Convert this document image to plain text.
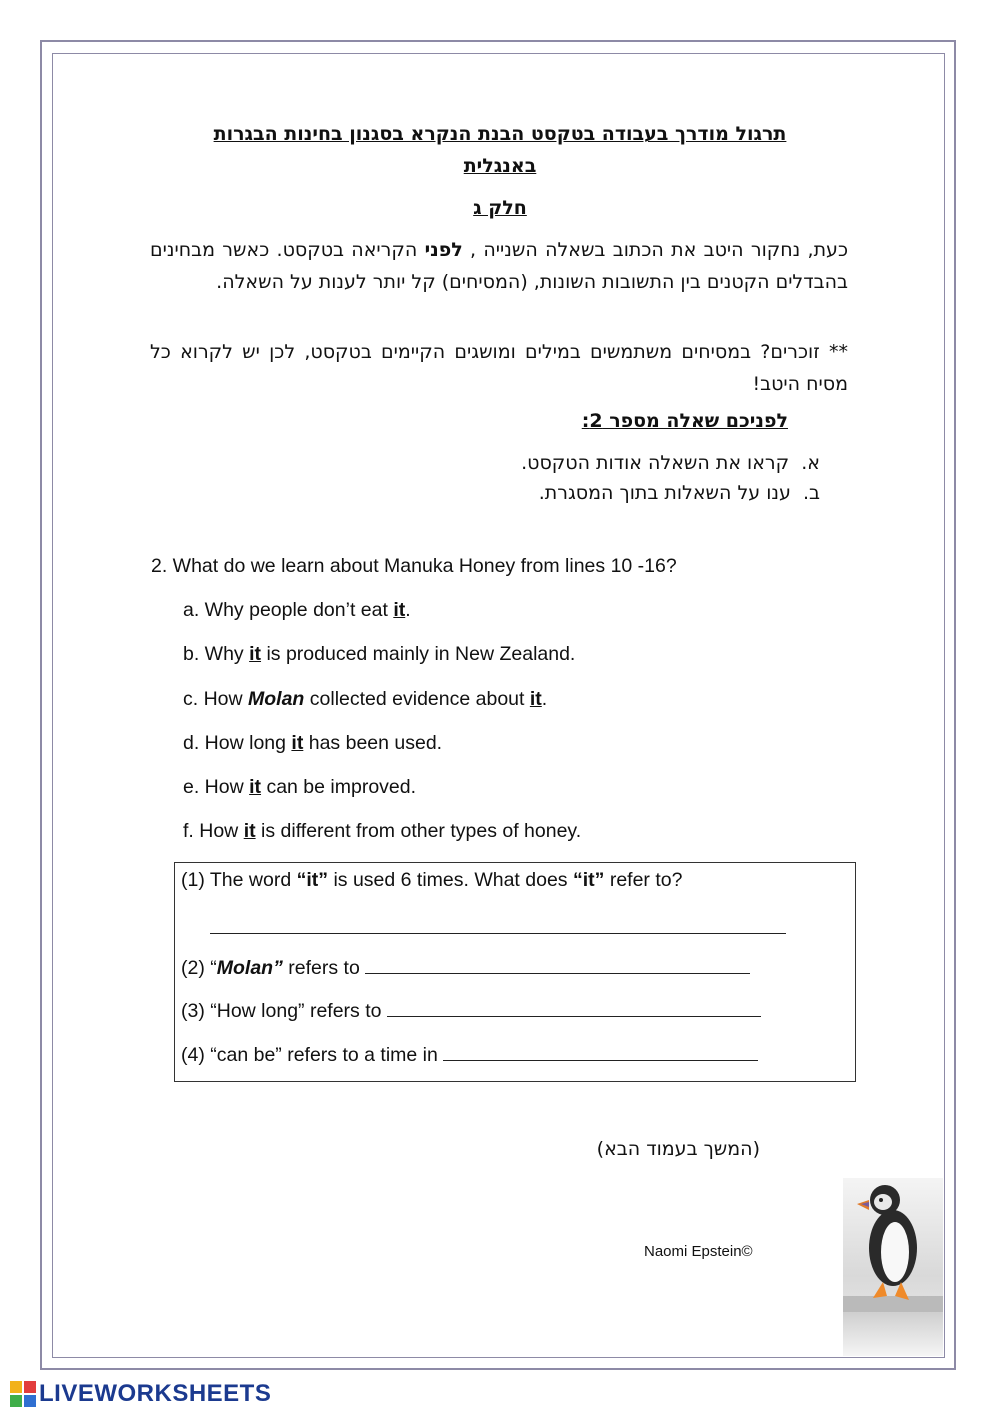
תרגול מודרך בעבודה בטקסט הבנת הנקרא בסגנון בחינות הבגרות
באנגלית
חלק ג
כעת, נחקור היטב את הכתוב בשאלה השנייה , לפני הקריאה בטקסט. כאשר מבחינים בהבדלים הקטנים בין התשובות השונות, (המסיחים) קל יותר לענות על השאלה.
** זוכרים? במסיחים משתמשים במילים ומושגים הקיימים בטקסט, לכן יש לקרוא כל מסיח היטב!
לפניכם שאלה מספר 2:
א.  קראו את השאלה אודות הטקסט.
ב.  ענו על השאלות בתוך המסגרת.
2. What do we learn about Manuka Honey from lines 10 -16?
a. Why people don’t eat it.
b. Why it is produced mainly in New Zealand.
c. How Molan collected evidence about it.
d. How long it has been used.
e. How it can be improved.
f. How it is different from other types of honey.
(1) The word “it” is used 6 times. What does “it” refer to?
(2) “Molan” refers to
(3) “How long” refers to
(4) “can be” refers to a time in
(המשך בעמוד הבא)
Naomi Epstein©
LIVEWORKSHEETS
